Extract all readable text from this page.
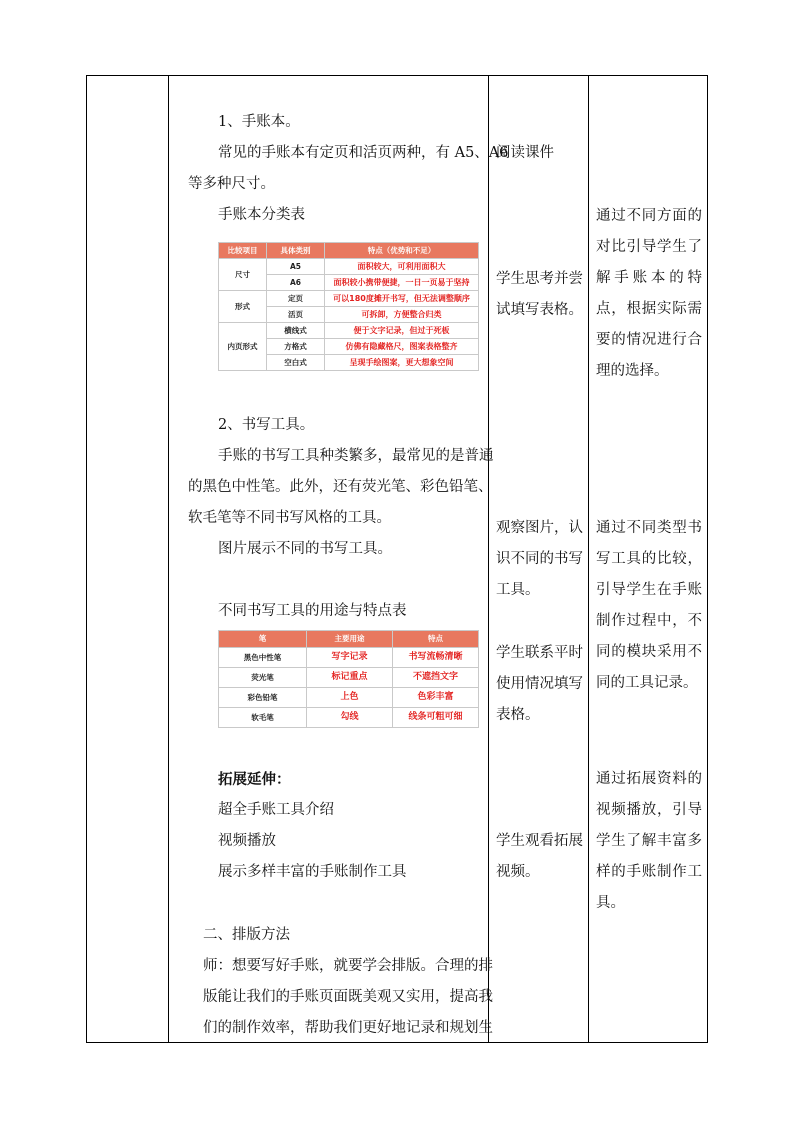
1、手账本。
常见的手账本有定页和活页两种，有 A5、A6
等多种尺寸。
手账本分类表
比较项目	具体类别	特点（优势和不足）
尺寸	A5	面积较大，可利用面积大
	A6	面积较小携带便捷，一日一页易于坚持
形式	定页	可以180度摊开书写，但无法调整顺序
	活页	可拆卸，方便整合归类
内页形式	横线式	便于文字记录，但过于死板
	方格式	仿佛有隐藏格尺，图案表格整齐
	空白式	呈现手绘图案，更大想象空间
2、书写工具。
手账的书写工具种类繁多，最常见的是普通
的黑色中性笔。此外，还有荧光笔、彩色铅笔、
软毛笔等不同书写风格的工具。
图片展示不同的书写工具。
不同书写工具的用途与特点表
笔	主要用途	特点
黑色中性笔	写字记录	书写流畅清晰
荧光笔	标记重点	不遮挡文字
彩色铅笔	上色	色彩丰富
软毛笔	勾线	线条可粗可细
拓展延伸：
超全手账工具介绍
视频播放
展示多样丰富的手账制作工具
二、排版方法
师：想要写好手账，就要学会排版。合理的排
版能让我们的手账页面既美观又实用，提高我
们的制作效率，帮助我们更好地记录和规划生
阅读课件
学生思考并尝试填写表格。
观察图片，认识不同的书写工具。
学生联系平时使用情况填写表格。
学生观看拓展视频。
通过不同方面的对比引导学生了解手账本的特点，根据实际需要的情况进行合理的选择。
通过不同类型书写工具的比较，引导学生在手账制作过程中，不同的模块采用不同的工具记录。
通过拓展资料的视频播放，引导学生了解丰富多样的手账制作工具。
